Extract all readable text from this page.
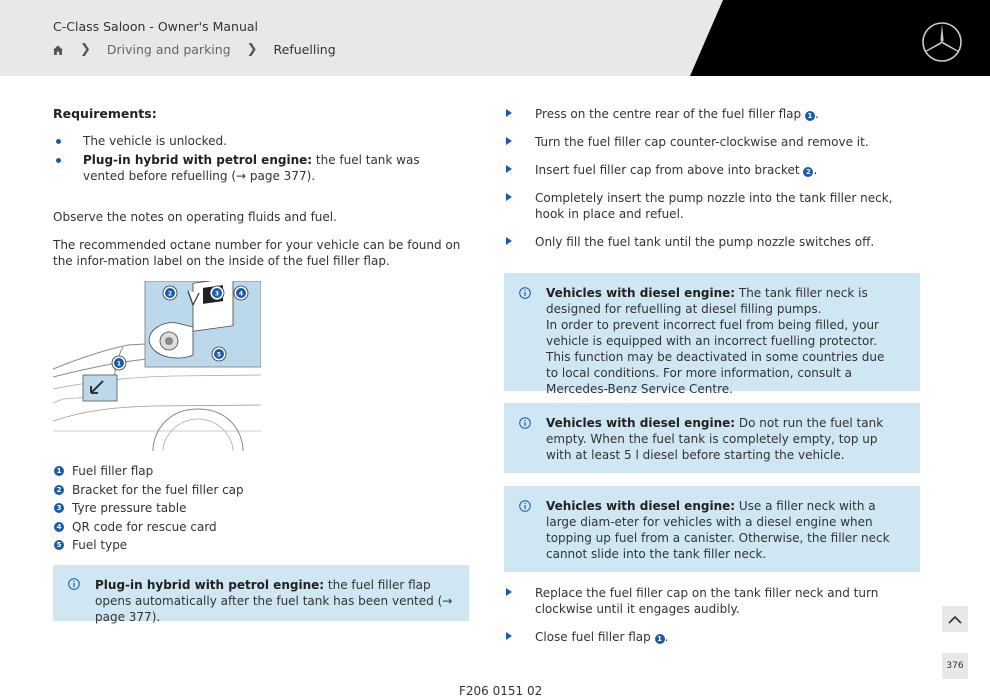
C-Class Saloon - Owner's Manual
❯ Driving and parking ❯ Refuelling
Requirements:
The vehicle is unlocked.
Plug-in hybrid with petrol engine: the fuel tank was vented before refuelling (→ page 377).
Observe the notes on operating fluids and fuel.
The recommended octane number for your vehicle can be found on the infor-mation label on the inside of the fuel filler flap.
1
2	3	4
5
1 Fuel filler flap
2 Bracket for the fuel filler cap
3 Tyre pressure table
4 QR code for rescue card
5 Fuel type
Plug-in hybrid with petrol engine: the fuel filler flap opens automatically after the fuel tank has been vented (→ page 377).
Press on the centre rear of the fuel filler flap 1 .
Turn the fuel filler cap counter-clockwise and remove it.
Insert fuel filler cap from above into bracket 2 .
Completely insert the pump nozzle into the tank filler neck, hook in place and refuel.
Only fill the fuel tank until the pump nozzle switches off.
Vehicles with diesel engine: The tank filler neck is designed for refuelling at diesel filling pumps.
In order to prevent incorrect fuel from being filled, your vehicle is equipped with an incorrect fuelling protector. This function may be deactivated in some countries due to local conditions. For more information, consult a Mercedes-Benz Service Centre.
Vehicles with diesel engine: Do not run the fuel tank empty. When the fuel tank is completely empty, top up with at least 5 l diesel before starting the vehicle.
Vehicles with diesel engine: Use a filler neck with a large diam-eter for vehicles with a diesel engine when topping up fuel from a canister. Otherwise, the filler neck cannot slide into the tank filler neck.
Replace the fuel filler cap on the tank filler neck and turn clockwise until it engages audibly.
Close fuel filler flap 1 .
376
F206 0151 02
